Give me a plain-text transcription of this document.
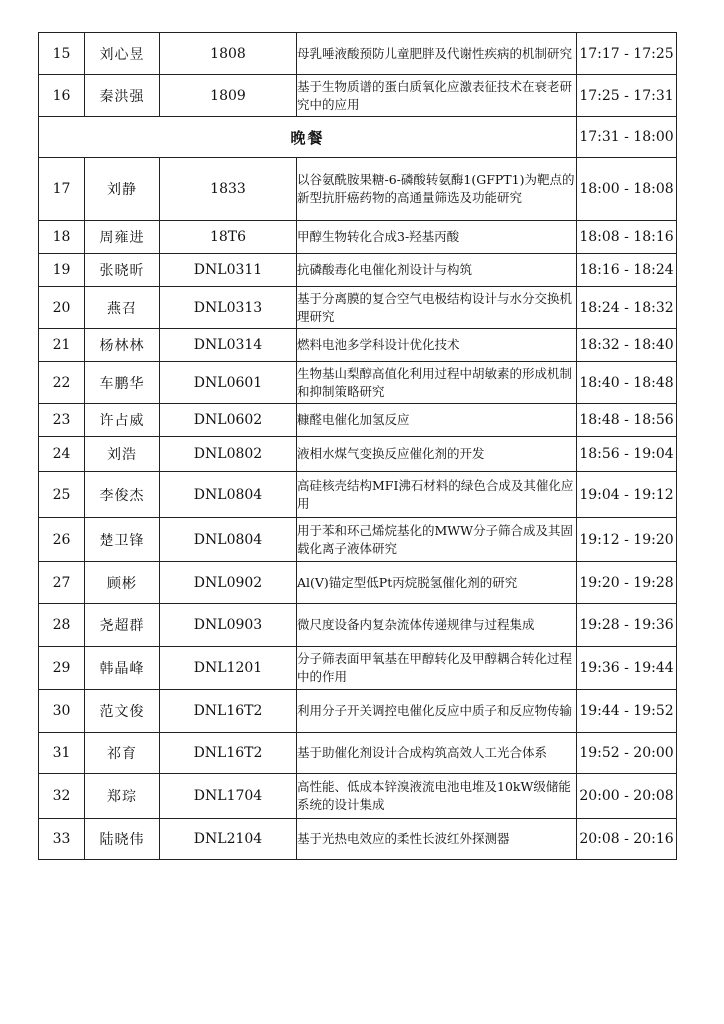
15	刘心昱	1808	母乳唾液酸预防儿童肥胖及代谢性疾病的机制研究	17:17 - 17:25
16	秦洪强	1809	基于生物质谱的蛋白质氧化应激表征技术在衰老研究中的应用	17:25 - 17:31
晚餐				17:31 - 18:00
17	刘静	1833	以谷氨酰胺果糖-6-磷酸转氨酶1(GFPT1)为靶点的新型抗肝癌药物的高通量筛选及功能研究	18:00 - 18:08
18	周雍进	18T6	甲醇生物转化合成3-羟基丙酸	18:08 - 18:16
19	张晓昕	DNL0311	抗磷酸毒化电催化剂设计与构筑	18:16 - 18:24
20	燕召	DNL0313	基于分离膜的复合空气电极结构设计与水分交换机理研究	18:24 - 18:32
21	杨林林	DNL0314	燃料电池多学科设计优化技术	18:32 - 18:40
22	车鹏华	DNL0601	生物基山梨醇高值化利用过程中胡敏素的形成机制和抑制策略研究	18:40 - 18:48
23	许占威	DNL0602	糠醛电催化加氢反应	18:48 - 18:56
24	刘浩	DNL0802	液相水煤气变换反应催化剂的开发	18:56 - 19:04
25	李俊杰	DNL0804	高硅核壳结构MFI沸石材料的绿色合成及其催化应用	19:04 - 19:12
26	楚卫锋	DNL0804	用于苯和环己烯烷基化的MWW分子筛合成及其固载化离子液体研究	19:12 - 19:20
27	顾彬	DNL0902	Al(V)锚定型低Pt丙烷脱氢催化剂的研究	19:20 - 19:28
28	尧超群	DNL0903	微尺度设备内复杂流体传递规律与过程集成	19:28 - 19:36
29	韩晶峰	DNL1201	分子筛表面甲氧基在甲醇转化及甲醇耦合转化过程中的作用	19:36 - 19:44
30	范文俊	DNL16T2	利用分子开关调控电催化反应中质子和反应物传输	19:44 - 19:52
31	祁育	DNL16T2	基于助催化剂设计合成构筑高效人工光合体系	19:52 - 20:00
32	郑琮	DNL1704	高性能、低成本锌溴液流电池电堆及10kW级储能系统的设计集成	20:00 - 20:08
33	陆晓伟	DNL2104	基于光热电效应的柔性长波红外探测器	20:08 - 20:16
